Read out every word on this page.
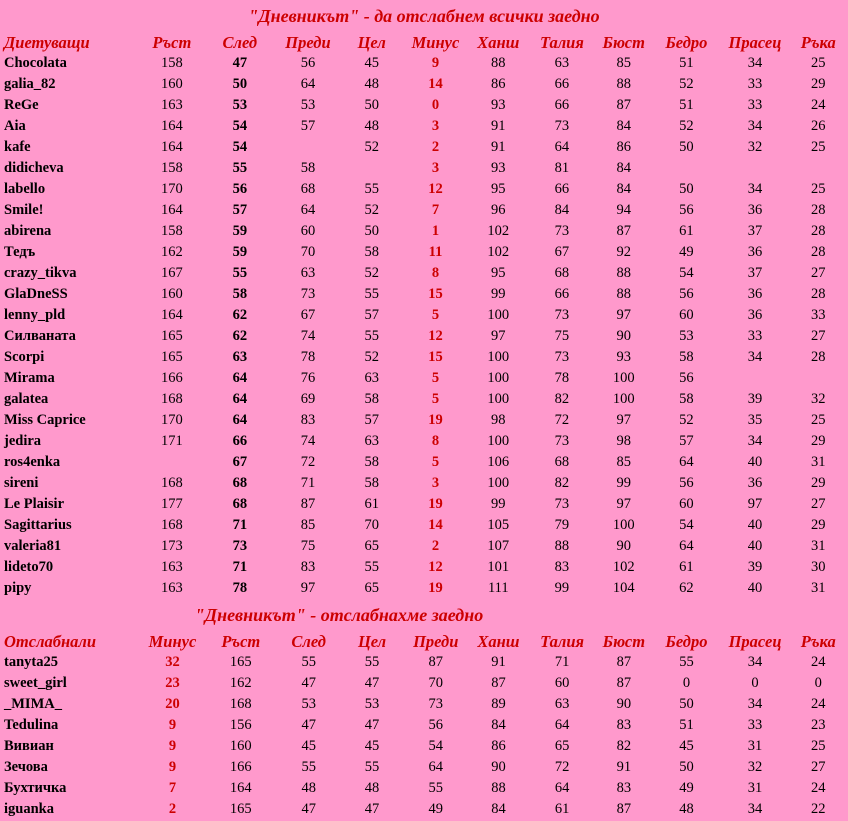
"Дневникът" - да отслабнем всички заедно
Диетуващи	Ръст	След	Преди	Цел	Минус	Ханш	Талия	Бюст	Бедро	Прасец	Ръка
Chocolata	158	47	56	45	9	88	63	85	51	34	25
galia_82	160	50	64	48	14	86	66	88	52	33	29
ReGe	163	53	53	50	0	93	66	87	51	33	24
Aia	164	54	57	48	3	91	73	84	52	34	26
kafe	164	54		52	2	91	64	86	50	32	25
didicheva	158	55	58		3	93	81	84			
labello	170	56	68	55	12	95	66	84	50	34	25
Smile!	164	57	64	52	7	96	84	94	56	36	28
abirena	158	59	60	50	1	102	73	87	61	37	28
Тедъ	162	59	70	58	11	102	67	92	49	36	28
crazy_tikva	167	55	63	52	8	95	68	88	54	37	27
GlaDneSS	160	58	73	55	15	99	66	88	56	36	28
lenny_pld	164	62	67	57	5	100	73	97	60	36	33
Силваната	165	62	74	55	12	97	75	90	53	33	27
Scorpi	165	63	78	52	15	100	73	93	58	34	28
Mirama	166	64	76	63	5	100	78	100	56		
galatea	168	64	69	58	5	100	82	100	58	39	32
Miss Caprice	170	64	83	57	19	98	72	97	52	35	25
jedira	171	66	74	63	8	100	73	98	57	34	29
ros4enka		67	72	58	5	106	68	85	64	40	31
sireni	168	68	71	58	3	100	82	99	56	36	29
Le Plaisir	177	68	87	61	19	99	73	97	60	97	27
Sagittarius	168	71	85	70	14	105	79	100	54	40	29
valeria81	173	73	75	65	2	107	88	90	64	40	31
lideto70	163	71	83	55	12	101	83	102	61	39	30
pipy	163	78	97	65	19	111	99	104	62	40	31
"Дневникът" - отслабнахме заедно
Отслабнали	Минус	Ръст	След	Цел	Преди	Ханш	Талия	Бюст	Бедро	Прасец	Ръка
tanyta25	32	165	55	55	87	91	71	87	55	34	24
sweet_girl	23	162	47	47	70	87	60	87	0	0	0
_MIMA_	20	168	53	53	73	89	63	90	50	34	24
Tedulina	9	156	47	47	56	84	64	83	51	33	23
Вивиан	9	160	45	45	54	86	65	82	45	31	25
Зечова	9	166	55	55	64	90	72	91	50	32	27
Бухтичка	7	164	48	48	55	88	64	83	49	31	24
iguanka	2	165	47	47	49	84	61	87	48	34	22
